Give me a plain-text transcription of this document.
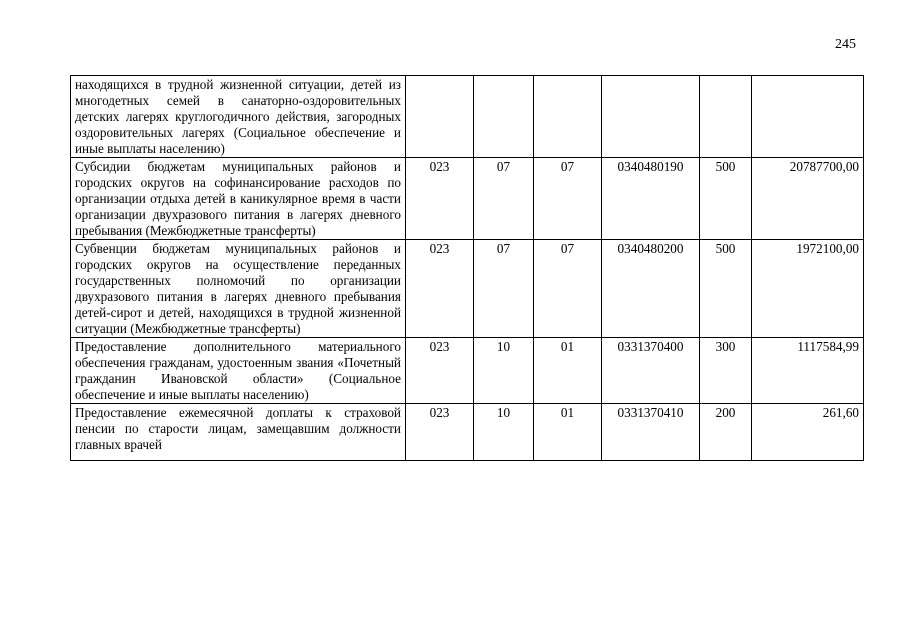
245
находящихся в трудной жизненной ситуации, детей из многодетных семей в санаторно-оздоровительных детских лагерях круглогодичного действия, загородных оздоровительных лагерях (Социальное обеспечение и иные выплаты населению)						
Субсидии бюджетам муниципальных районов и городских округов на софинансирование расходов по организации отдыха детей в каникулярное время в части организации двухразового питания в лагерях дневного пребывания (Межбюджетные трансферты)	023	07	07	0340480190	500	20787700,00
Субвенции бюджетам муниципальных районов и городских округов на осуществление переданных государственных полномочий по организации двухразового питания в лагерях дневного пребывания детей-сирот и детей, находящихся в трудной жизненной ситуации (Межбюджетные трансферты)	023	07	07	0340480200	500	1972100,00
Предоставление дополнительного материального обеспечения гражданам, удостоенным звания «Почетный гражданин Ивановской области» (Социальное обеспечение и иные выплаты населению)	023	10	01	0331370400	300	1117584,99

Предоставление ежемесячной доплаты к страховой пенсии по старости лицам, замещавшим должности главных врачей	023	10	01	0331370410	200	261,60
